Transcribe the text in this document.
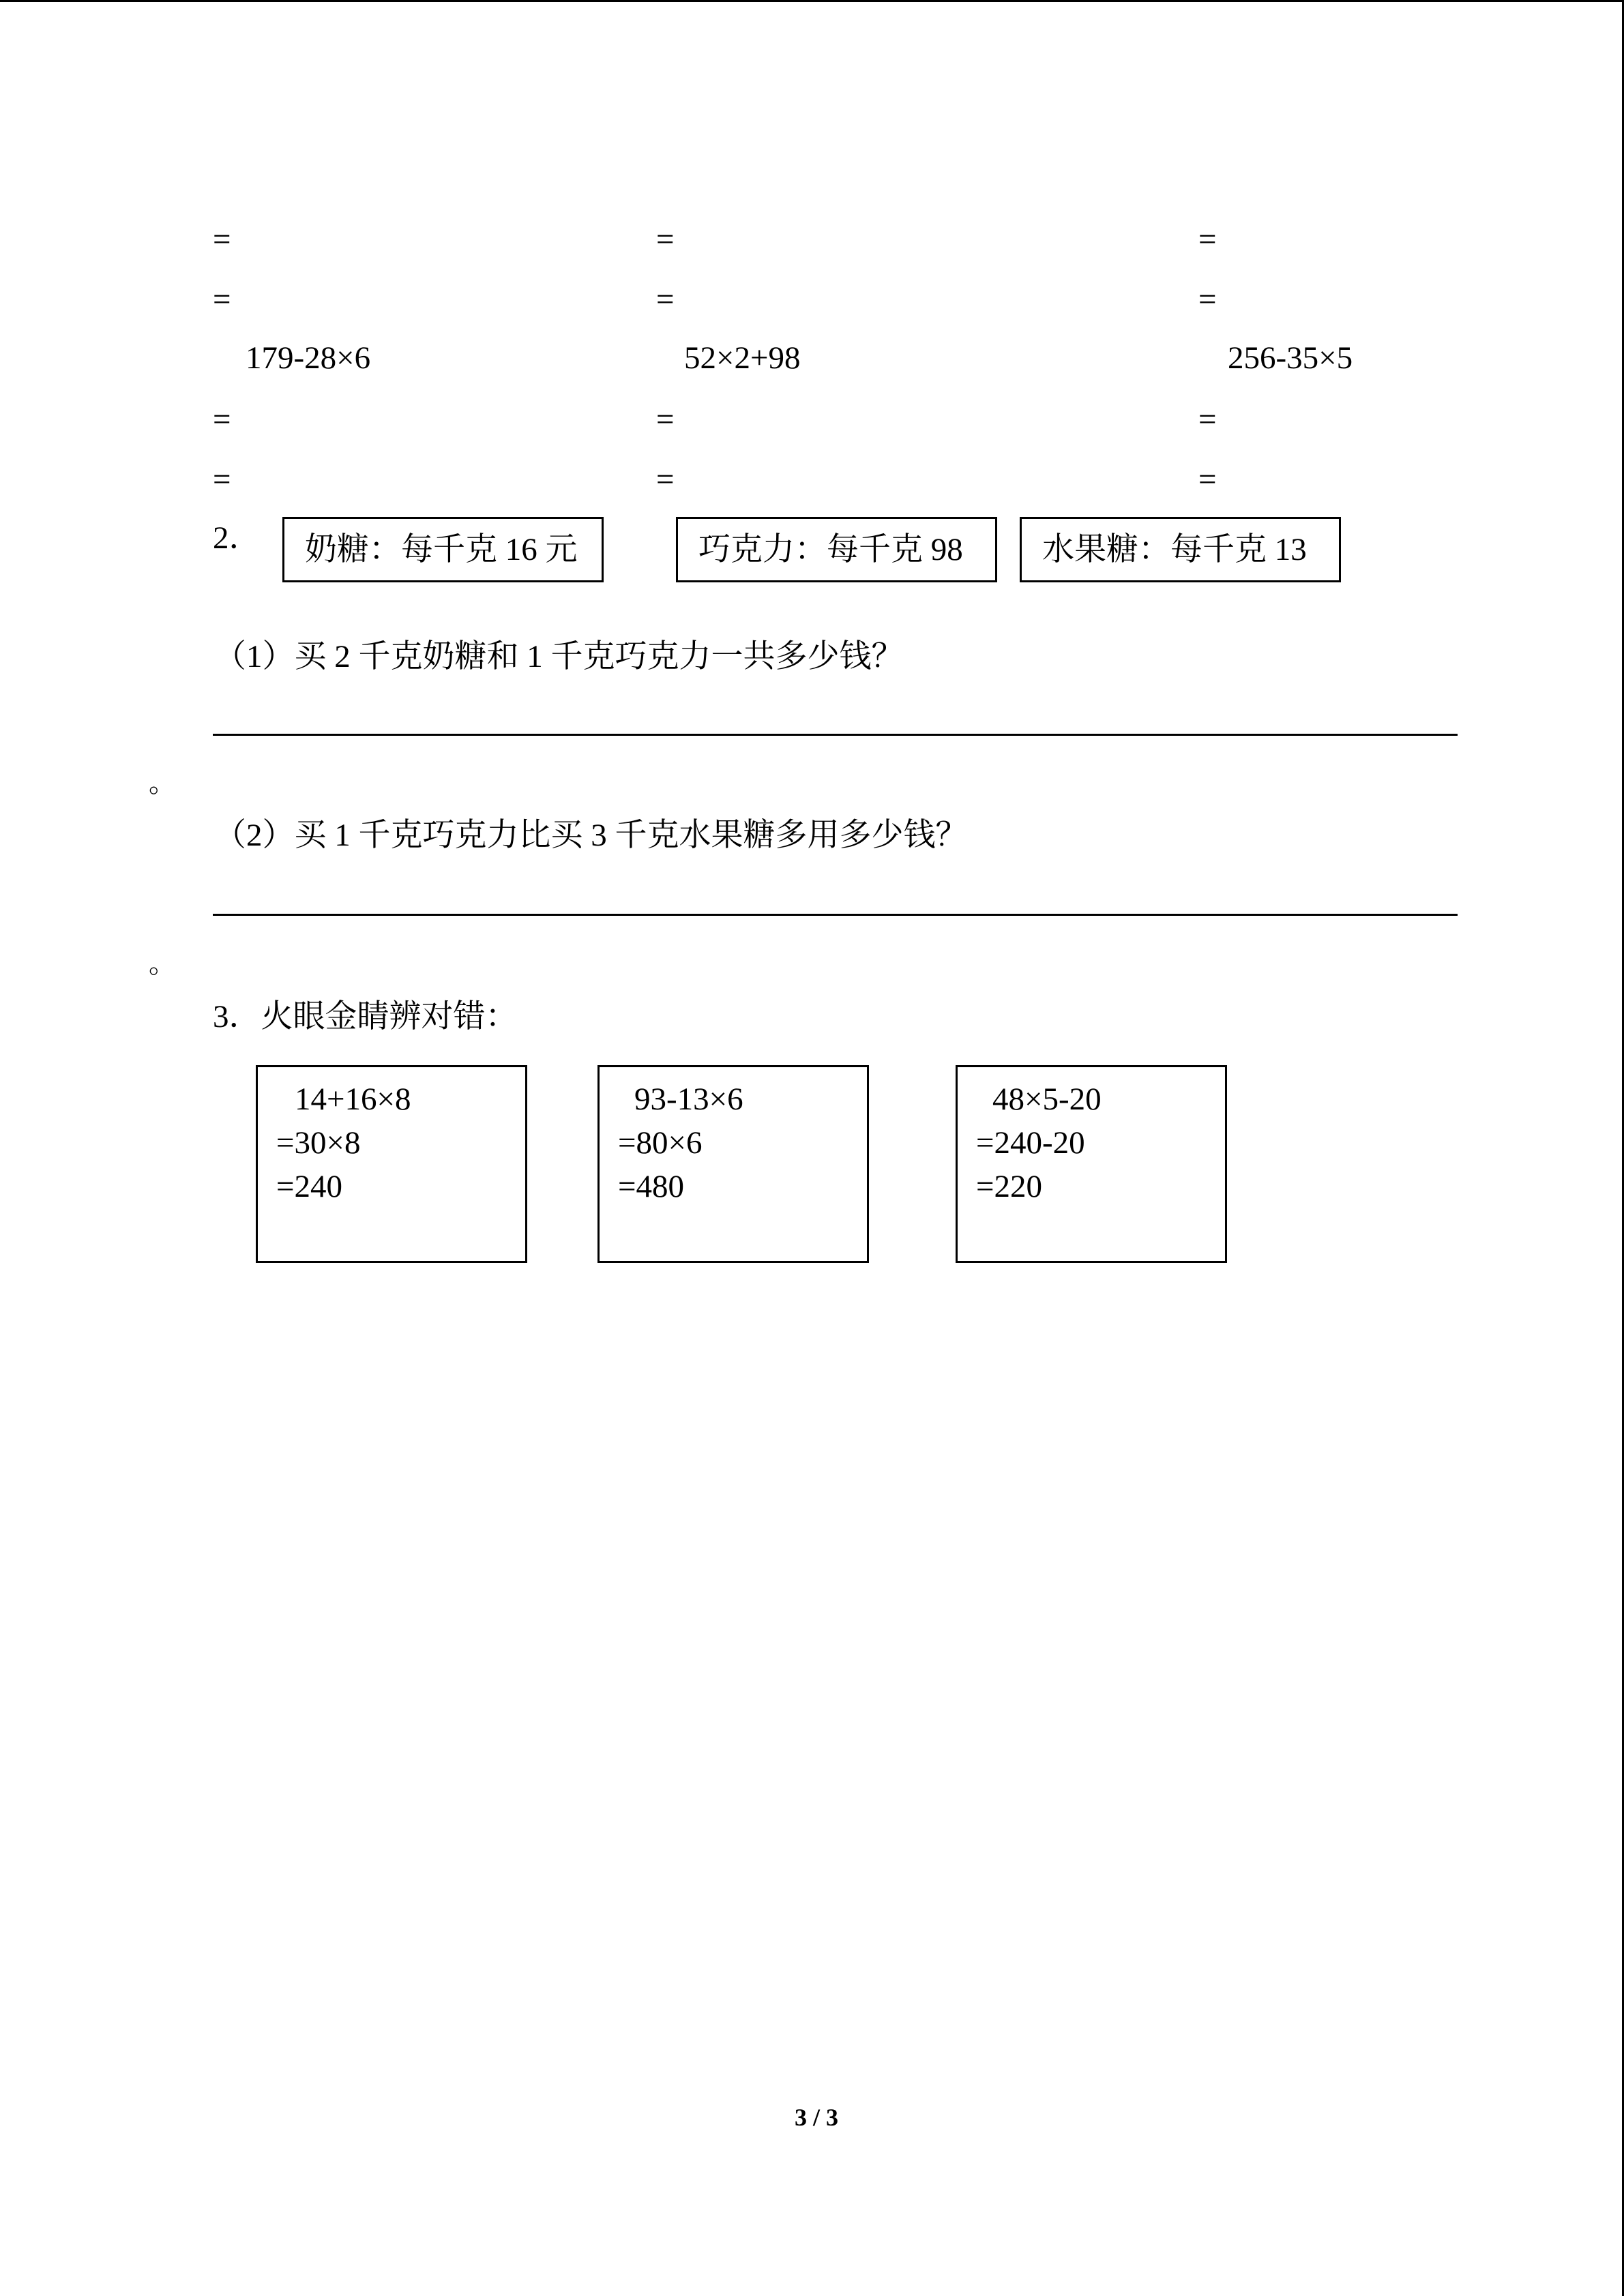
=	=	=
=	=	=
179-28×6	52×2+98	256-35×5
=	=	=
=	=	=
2． 奶糖：每千克 16 元	巧克力：每千克 98 水果糖：每千克 13
（1）买 2 千克奶糖和 1 千克巧克力一共多少钱？
。
（2）买 1 千克巧克力比买 3 千克水果糖多用多少钱？
。
3．火眼金睛辨对错：
14+16×8
=30×8
=240
93-13×6
=80×6
=480
48×5-20
=240-20
=220
3 / 3
